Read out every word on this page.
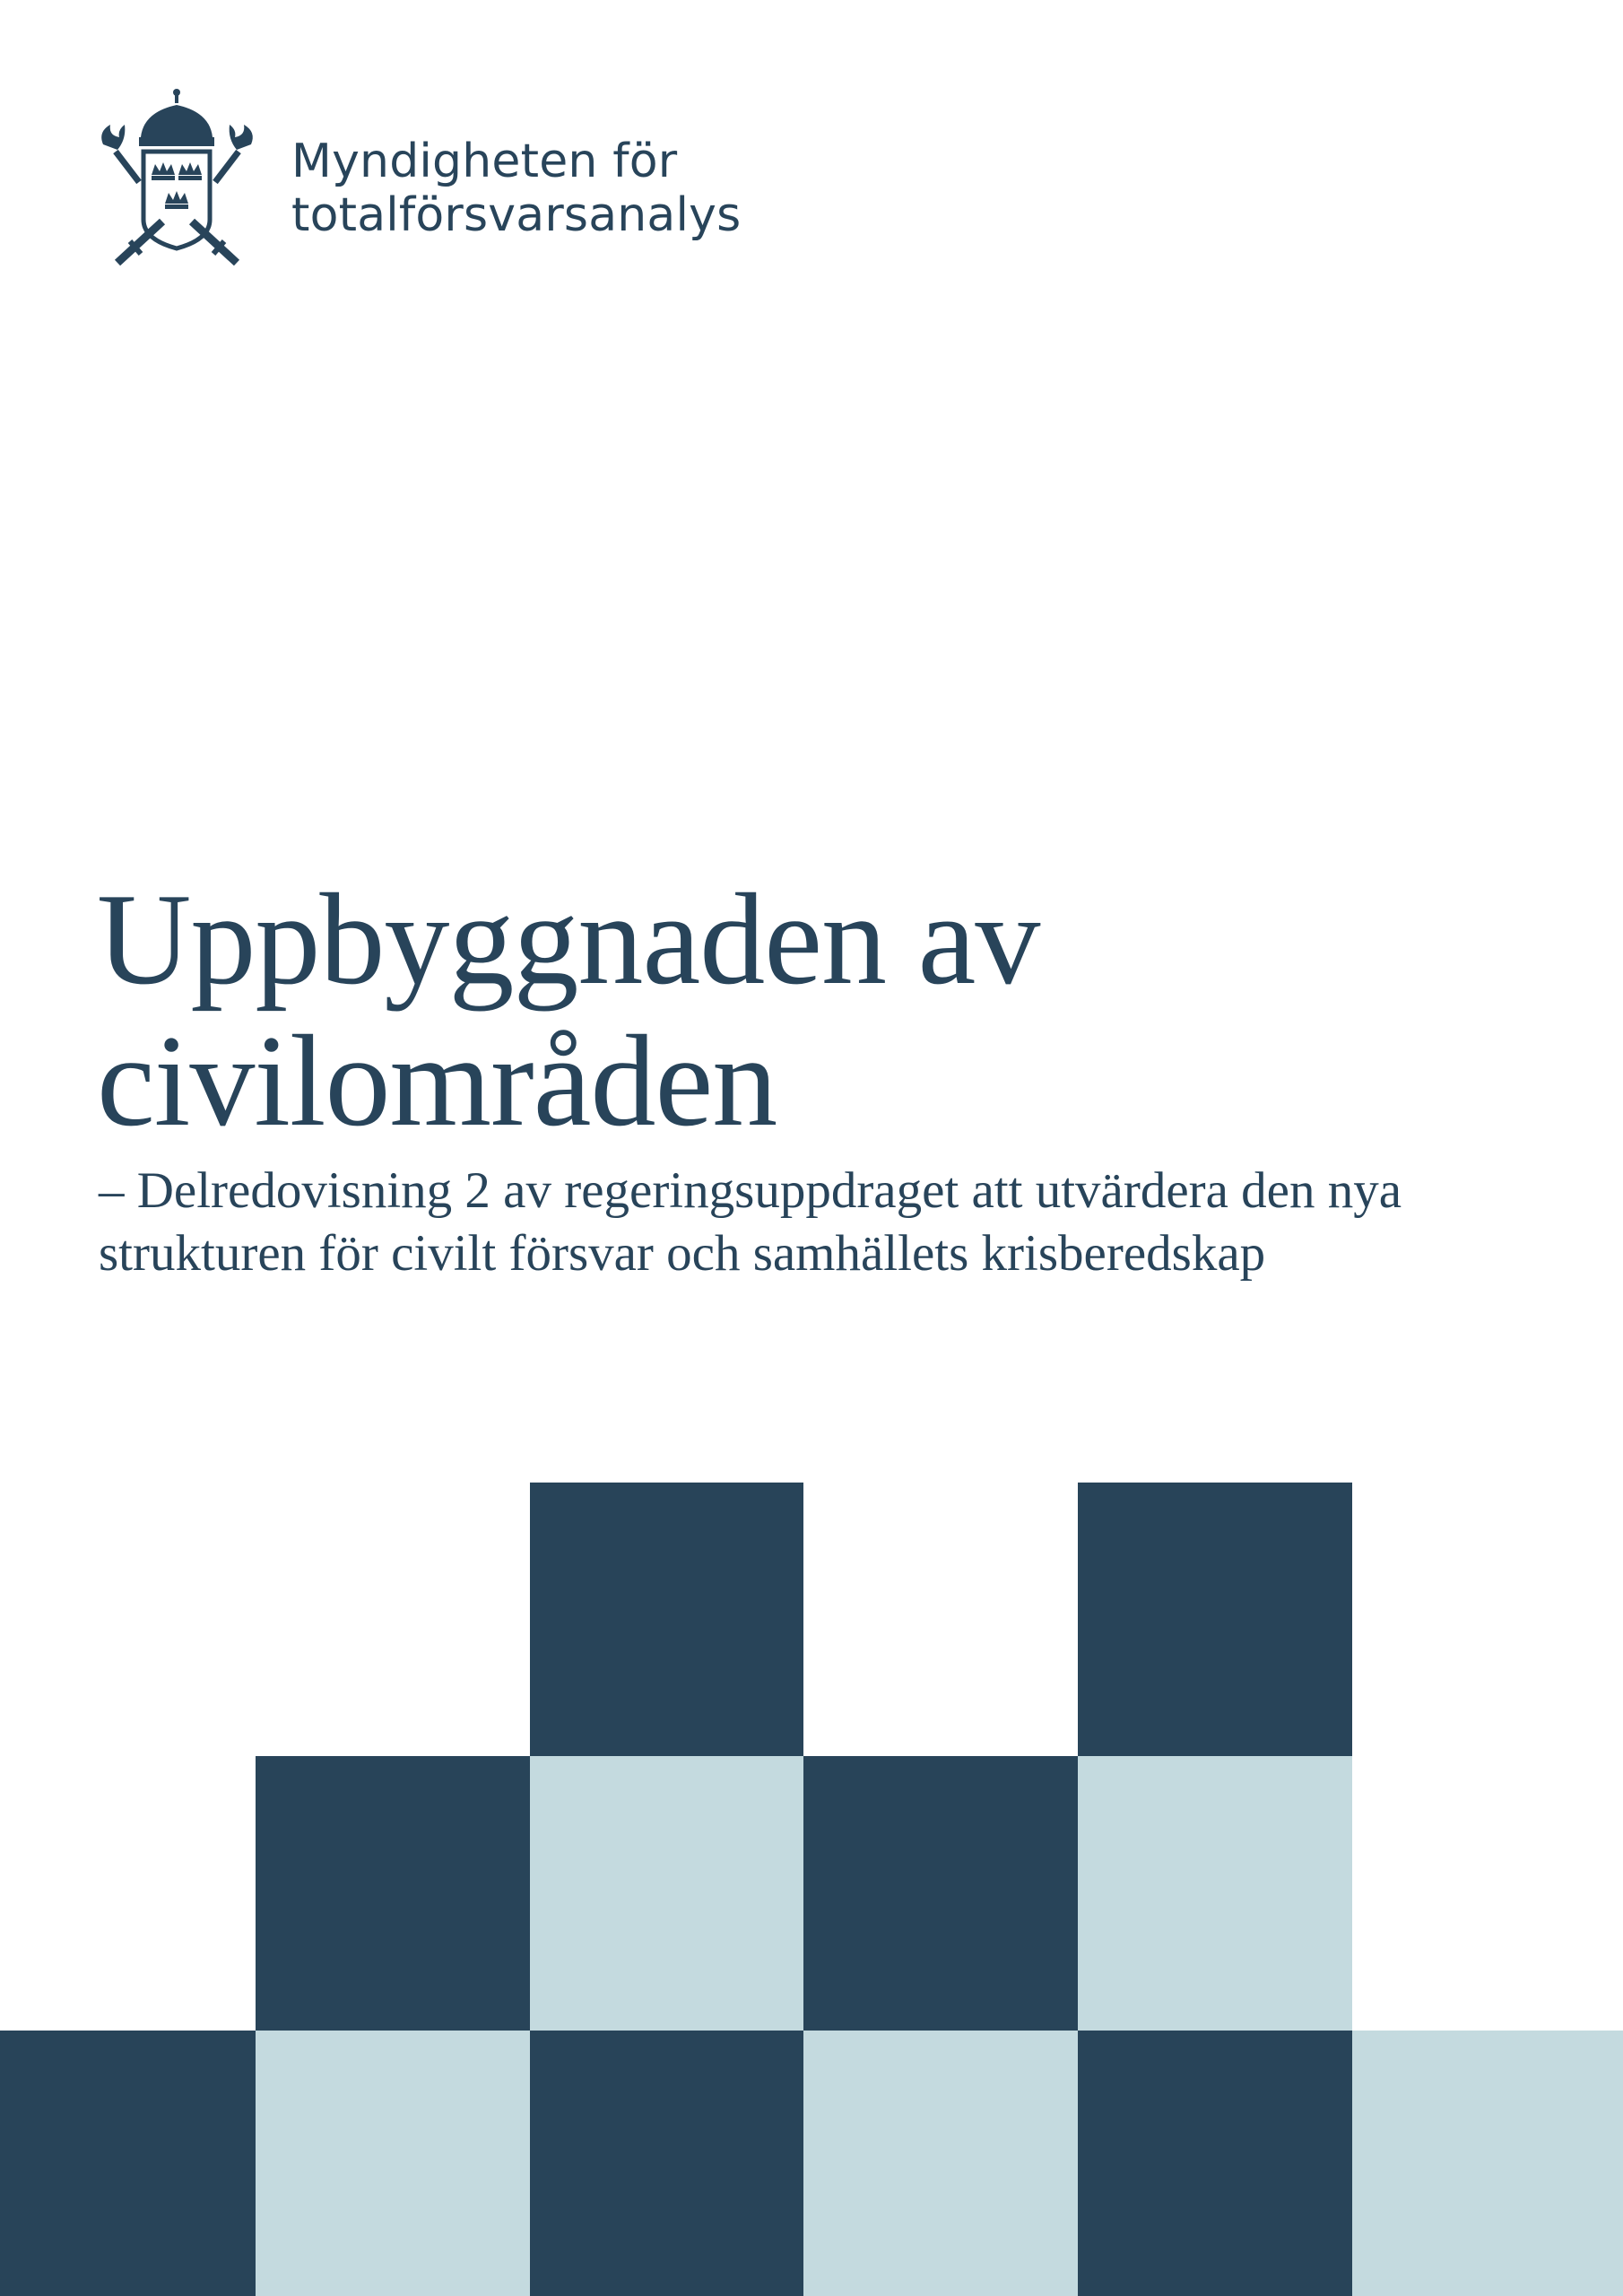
Myndigheten för
totalförsvarsanalys

Uppbyggnaden av
civilområden

– Delredovisning 2 av regeringsuppdraget att utvärdera den nya
strukturen för civilt försvar och samhällets krisberedskap
